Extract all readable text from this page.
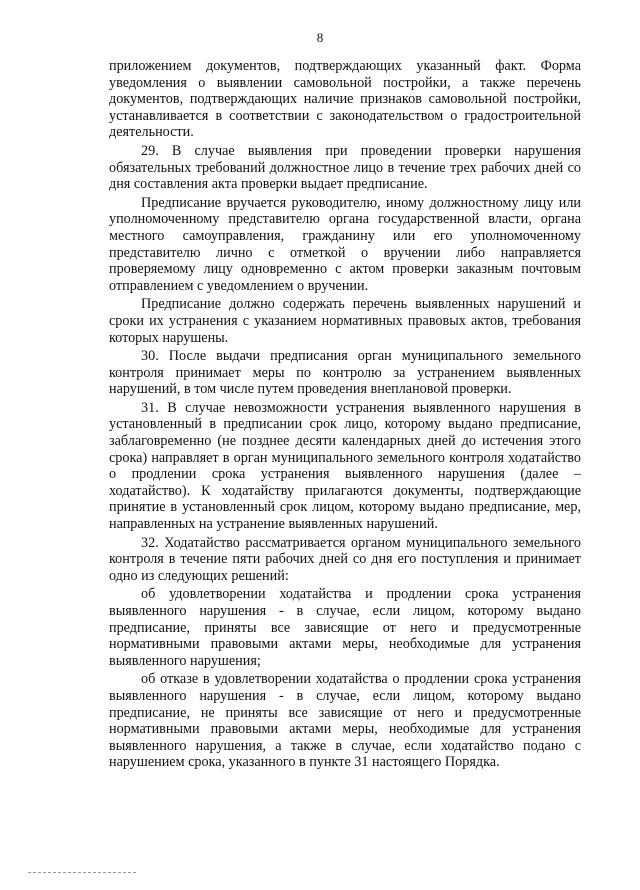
8

приложением документов, подтверждающих указанный факт. Форма уведомления о выявлении самовольной постройки, а также перечень документов, подтверждающих наличие признаков самовольной постройки, устанавливается в соответствии с законодательством о градостроительной деятельности.

29. В случае выявления при проведении проверки нарушения обязательных требований должностное лицо в течение трех рабочих дней со дня составления акта проверки выдает предписание.

Предписание вручается руководителю, иному должностному лицу или уполномоченному представителю органа государственной власти, органа местного самоуправления, гражданину или его уполномоченному представителю лично с отметкой о вручении либо направляется проверяемому лицу одновременно с актом проверки заказным почтовым отправлением с уведомлением о вручении.

Предписание должно содержать перечень выявленных нарушений и сроки их устранения с указанием нормативных правовых актов, требования которых нарушены.

30. После выдачи предписания орган муниципального земельного контроля принимает меры по контролю за устранением выявленных нарушений, в том числе путем проведения внеплановой проверки.

31. В случае невозможности устранения выявленного нарушения в установленный в предписании срок лицо, которому выдано предписание, заблаговременно (не позднее десяти календарных дней до истечения этого срока) направляет в орган муниципального земельного контроля ходатайство о продлении срока устранения выявленного нарушения (далее – ходатайство). К ходатайству прилагаются документы, подтверждающие принятие в установленный срок лицом, которому выдано предписание, мер, направленных на устранение выявленных нарушений.

32. Ходатайство рассматривается органом муниципального земельного контроля в течение пяти рабочих дней со дня его поступления и принимает одно из следующих решений:

об удовлетворении ходатайства и продлении срока устранения выявленного нарушения - в случае, если лицом, которому выдано предписание, приняты все зависящие от него и предусмотренные нормативными правовыми актами меры, необходимые для устранения выявленного нарушения;

об отказе в удовлетворении ходатайства о продлении срока устранения выявленного нарушения - в случае, если лицом, которому выдано предписание, не приняты все зависящие от него и предусмотренные нормативными правовыми актами меры, необходимые для устранения выявленного нарушения, а также в случае, если ходатайство подано с нарушением срока, указанного в пункте 31 настоящего Порядка.
